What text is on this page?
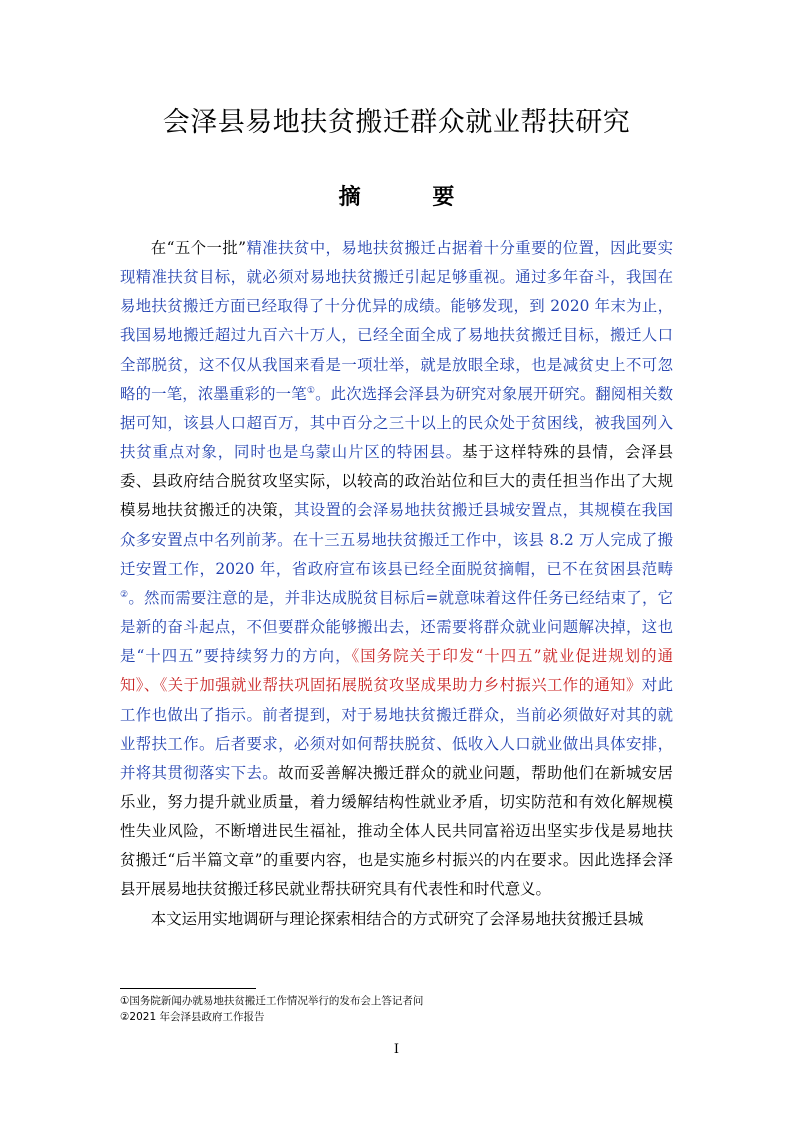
会泽县易地扶贫搬迁群众就业帮扶研究
摘 要

在“五个一批”精准扶贫中，易地扶贫搬迁占据着十分重要的位置，因此要实现精准扶贫目标，就必须对易地扶贫搬迁引起足够重视。通过多年奋斗，我国在易地扶贫搬迁方面已经取得了十分优异的成绩。能够发现，到 2020 年末为止，我国易地搬迁超过九百六十万人，已经全面全成了易地扶贫搬迁目标，搬迁人口全部脱贫，这不仅从我国来看是一项壮举，就是放眼全球，也是减贫史上不可忽略的一笔，浓墨重彩的一笔①。此次选择会泽县为研究对象展开研究。翻阅相关数据可知，该县人口超百万，其中百分之三十以上的民众处于贫困线，被我国列入扶贫重点对象，同时也是乌蒙山片区的特困县。基于这样特殊的县情，会泽县委、县政府结合脱贫攻坚实际，以较高的政治站位和巨大的责任担当作出了大规模易地扶贫搬迁的决策，其设置的会泽易地扶贫搬迁县城安置点，其规模在我国众多安置点中名列前茅。在十三五易地扶贫搬迁工作中，该县 8.2 万人完成了搬迁安置工作，2020 年，省政府宣布该县已经全面脱贫摘帽，已不在贫困县范畴②。然而需要注意的是，并非达成脱贫目标后=就意味着这件任务已经结束了，它是新的奋斗起点，不但要群众能够搬出去，还需要将群众就业问题解决掉，这也是“十四五”要持续努力的方向，《国务院关于印发“十四五”就业促进规划的通知》、《关于加强就业帮扶巩固拓展脱贫攻坚成果助力乡村振兴工作的通知》对此工作也做出了指示。前者提到，对于易地扶贫搬迁群众，当前必须做好对其的就业帮扶工作。后者要求，必须对如何帮扶脱贫、低收入人口就业做出具体安排，并将其贯彻落实下去。故而妥善解决搬迁群众的就业问题，帮助他们在新城安居乐业，努力提升就业质量，着力缓解结构性就业矛盾，切实防范和有效化解规模性失业风险，不断增进民生福祉，推动全体人民共同富裕迈出坚实步伐是易地扶贫搬迁“后半篇文章”的重要内容，也是实施乡村振兴的内在要求。因此选择会泽县开展易地扶贫搬迁移民就业帮扶研究具有代表性和时代意义。

本文运用实地调研与理论探索相结合的方式研究了会泽易地扶贫搬迁县城

①国务院新闻办就易地扶贫搬迁工作情况举行的发布会上答记者问
②2021 年会泽县政府工作报告
I
